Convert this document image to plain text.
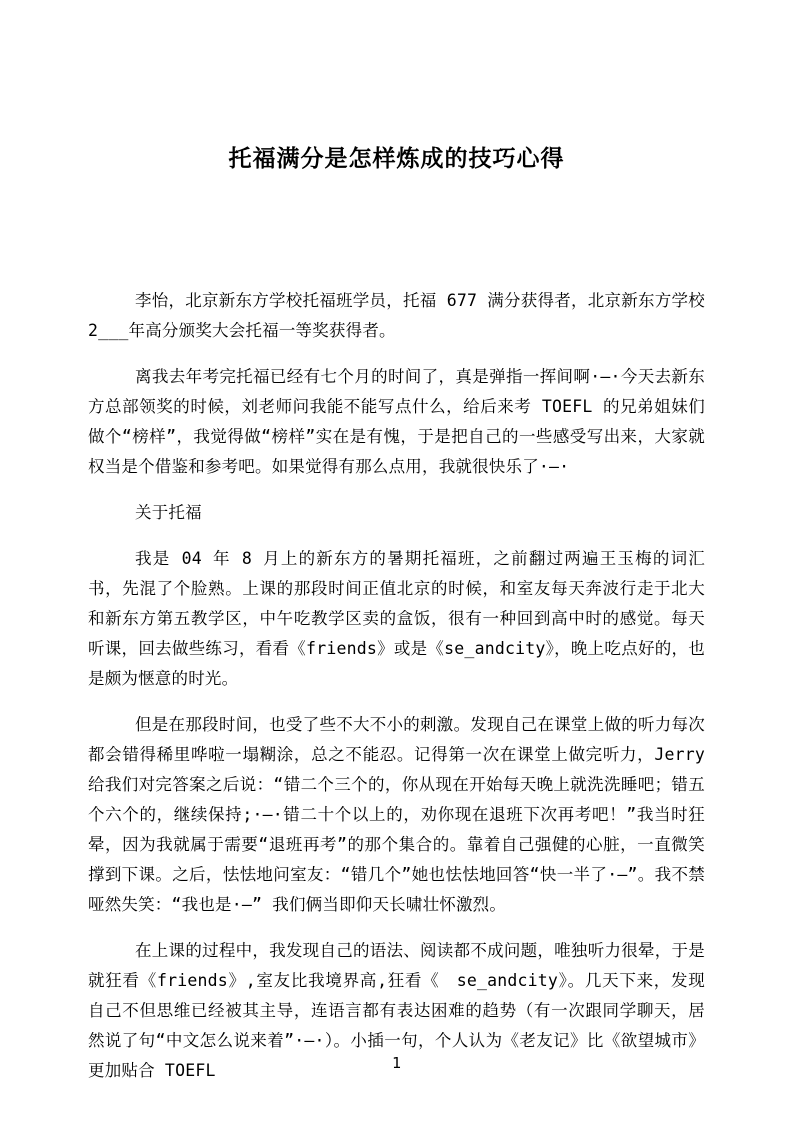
托福满分是怎样炼成的技巧心得

李怡，北京新东方学校托福班学员，托福 677 满分获得者，北京新东方学校 2___年高分颁奖大会托福一等奖获得者。

离我去年考完托福已经有七个月的时间了，真是弹指一挥间啊·—·今天去新东方总部领奖的时候，刘老师问我能不能写点什么，给后来考 TOEFL 的兄弟姐妹们做个“榜样”，我觉得做“榜样”实在是有愧，于是把自己的一些感受写出来，大家就权当是个借鉴和参考吧。如果觉得有那么点用，我就很快乐了·—·

关于托福

我是 04 年 8 月上的新东方的暑期托福班，之前翻过两遍王玉梅的词汇书，先混了个脸熟。上课的那段时间正值北京的时候，和室友每天奔波行走于北大和新东方第五教学区，中午吃教学区卖的盒饭，很有一种回到高中时的感觉。每天听课，回去做些练习，看看《friends》或是《se_andcity》，晚上吃点好的，也是颇为惬意的时光。

但是在那段时间，也受了些不大不小的刺激。发现自己在课堂上做的听力每次都会错得稀里哗啦一塌糊涂，总之不能忍。记得第一次在课堂上做完听力，Jerry 给我们对完答案之后说：“错二个三个的，你从现在开始每天晚上就洗洗睡吧；错五个六个的，继续保持;·—·错二十个以上的，劝你现在退班下次再考吧！”我当时狂晕，因为我就属于需要“退班再考”的那个集合的。靠着自己强健的心脏，一直微笑撑到下课。之后，怯怯地问室友：“错几个”她也怯怯地回答“快一半了·—”。我不禁哑然失笑：“我也是·—” 我们俩当即仰天长啸壮怀激烈。

在上课的过程中，我发现自己的语法、阅读都不成问题，唯独听力很晕，于是就狂看《friends》,室友比我境界高,狂看《　se_andcity》。几天下来，发现自己不但思维已经被其主导，连语言都有表达困难的趋势（有一次跟同学聊天，居然说了句“中文怎么说来着”·—·）。小插一句，个人认为《老友记》比《欲望城市》更加贴合 TOEFL	1
